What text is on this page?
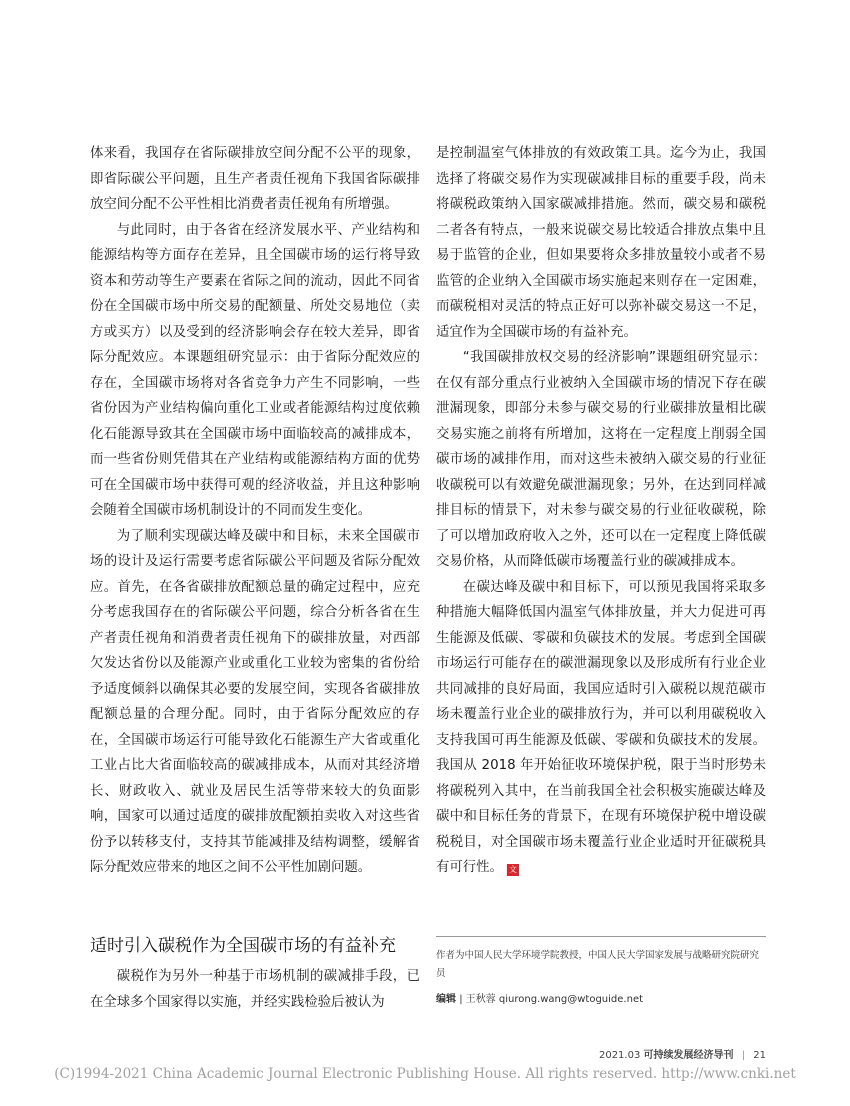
体来看，我国存在省际碳排放空间分配不公平的现象，即省际碳公平问题，且生产者责任视角下我国省际碳排放空间分配不公平性相比消费者责任视角有所增强。

与此同时，由于各省在经济发展水平、产业结构和能源结构等方面存在差异，且全国碳市场的运行将导致资本和劳动等生产要素在省际之间的流动，因此不同省份在全国碳市场中所交易的配额量、所处交易地位（卖方或买方）以及受到的经济影响会存在较大差异，即省际分配效应。本课题组研究显示：由于省际分配效应的存在，全国碳市场将对各省竞争力产生不同影响，一些省份因为产业结构偏向重化工业或者能源结构过度依赖化石能源导致其在全国碳市场中面临较高的减排成本，而一些省份则凭借其在产业结构或能源结构方面的优势可在全国碳市场中获得可观的经济收益，并且这种影响会随着全国碳市场机制设计的不同而发生变化。

为了顺利实现碳达峰及碳中和目标，未来全国碳市场的设计及运行需要考虑省际碳公平问题及省际分配效应。首先，在各省碳排放配额总量的确定过程中，应充分考虑我国存在的省际碳公平问题，综合分析各省在生产者责任视角和消费者责任视角下的碳排放量，对西部欠发达省份以及能源产业或重化工业较为密集的省份给予适度倾斜以确保其必要的发展空间，实现各省碳排放配额总量的合理分配。同时，由于省际分配效应的存在，全国碳市场运行可能导致化石能源生产大省或重化工业占比大省面临较高的碳减排成本，从而对其经济增长、财政收入、就业及居民生活等带来较大的负面影响，国家可以通过适度的碳排放配额拍卖收入对这些省份予以转移支付，支持其节能减排及结构调整，缓解省际分配效应带来的地区之间不公平性加剧问题。

适时引入碳税作为全国碳市场的有益补充

碳税作为另外一种基于市场机制的碳减排手段，已在全球多个国家得以实施，并经实践检验后被认为

是控制温室气体排放的有效政策工具。迄今为止，我国选择了将碳交易作为实现碳减排目标的重要手段，尚未将碳税政策纳入国家碳减排措施。然而，碳交易和碳税二者各有特点，一般来说碳交易比较适合排放点集中且易于监管的企业，但如果要将众多排放量较小或者不易监管的企业纳入全国碳市场实施起来则存在一定困难，而碳税相对灵活的特点正好可以弥补碳交易这一不足，适宜作为全国碳市场的有益补充。

“我国碳排放权交易的经济影响”课题组研究显示：在仅有部分重点行业被纳入全国碳市场的情况下存在碳泄漏现象，即部分未参与碳交易的行业碳排放量相比碳交易实施之前将有所增加，这将在一定程度上削弱全国碳市场的减排作用，而对这些未被纳入碳交易的行业征收碳税可以有效避免碳泄漏现象；另外，在达到同样减排目标的情景下，对未参与碳交易的行业征收碳税，除了可以增加政府收入之外，还可以在一定程度上降低碳交易价格，从而降低碳市场覆盖行业的碳减排成本。

在碳达峰及碳中和目标下，可以预见我国将采取多种措施大幅降低国内温室气体排放量，并大力促进可再生能源及低碳、零碳和负碳技术的发展。考虑到全国碳市场运行可能存在的碳泄漏现象以及形成所有行业企业共同减排的良好局面，我国应适时引入碳税以规范碳市场未覆盖行业企业的碳排放行为，并可以利用碳税收入支持我国可再生能源及低碳、零碳和负碳技术的发展。我国从 2018 年开始征收环境保护税，限于当时形势未将碳税列入其中，在当前我国全社会积极实施碳达峰及碳中和目标任务的背景下，在现有环境保护税中增设碳税税目，对全国碳市场未覆盖行业企业适时开征碳税具有可行性。 文

作者为中国人民大学环境学院教授，中国人民大学国家发展与战略研究院研究员
编辑 | 王秋蓉 qiurong.wang@wtoguide.net
2021.03 可持续发展经济导刊 | 21
(C)1994-2021 China Academic Journal Electronic Publishing House. All rights reserved. http://www.cnki.net
